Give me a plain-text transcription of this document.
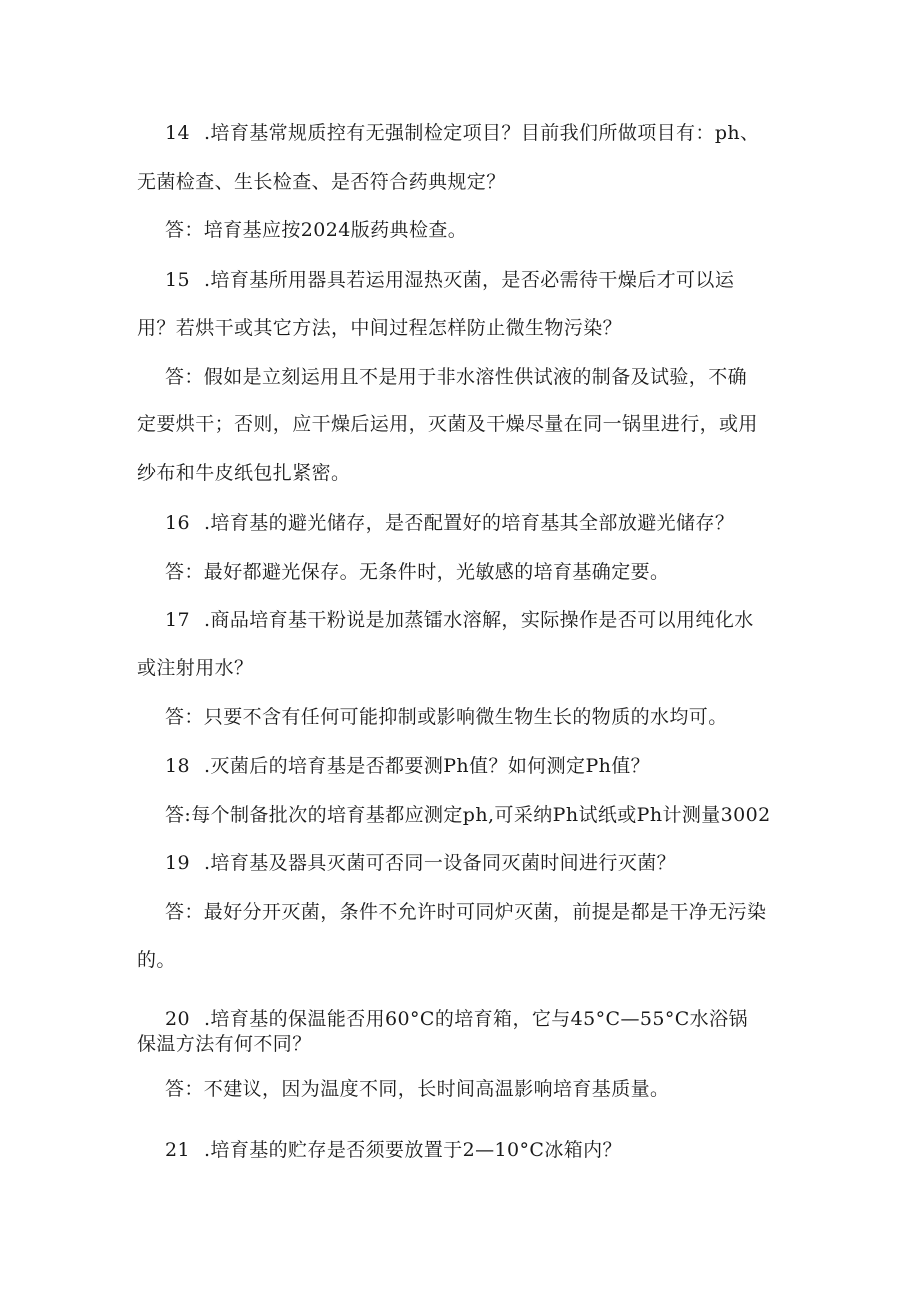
14 .培育基常规质控有无强制检定项目？目前我们所做项目有：ph、
无菌检查、生长检查、是否符合药典规定？
答：培育基应按2024版药典检查。
15 .培育基所用器具若运用湿热灭菌，是否必需待干燥后才可以运
用？若烘干或其它方法，中间过程怎样防止微生物污染？
答：假如是立刻运用且不是用于非水溶性供试液的制备及试验，不确
定要烘干；否则，应干燥后运用，灭菌及干燥尽量在同一锅里进行，或用
纱布和牛皮纸包扎紧密。
16 .培育基的避光储存，是否配置好的培育基其全部放避光储存？
答：最好都避光保存。无条件时，光敏感的培育基确定要。
17 .商品培育基干粉说是加蒸镭水溶解，实际操作是否可以用纯化水
或注射用水？
答：只要不含有任何可能抑制或影响微生物生长的物质的水均可。
18 .灭菌后的培育基是否都要测Ph值？如何测定Ph值？
答:每个制备批次的培育基都应测定ph,可采纳Ph试纸或Ph计测量3002
19 .培育基及器具灭菌可否同一设备同灭菌时间进行灭菌？
答：最好分开灭菌，条件不允许时可同炉灭菌，前提是都是干净无污染
的。
20 .培育基的保温能否用60°C的培育箱，它与45°C—55°C水浴锅
保温方法有何不同？
答：不建议，因为温度不同，长时间高温影响培育基质量。
21 .培育基的贮存是否须要放置于2—10°C冰箱内？
